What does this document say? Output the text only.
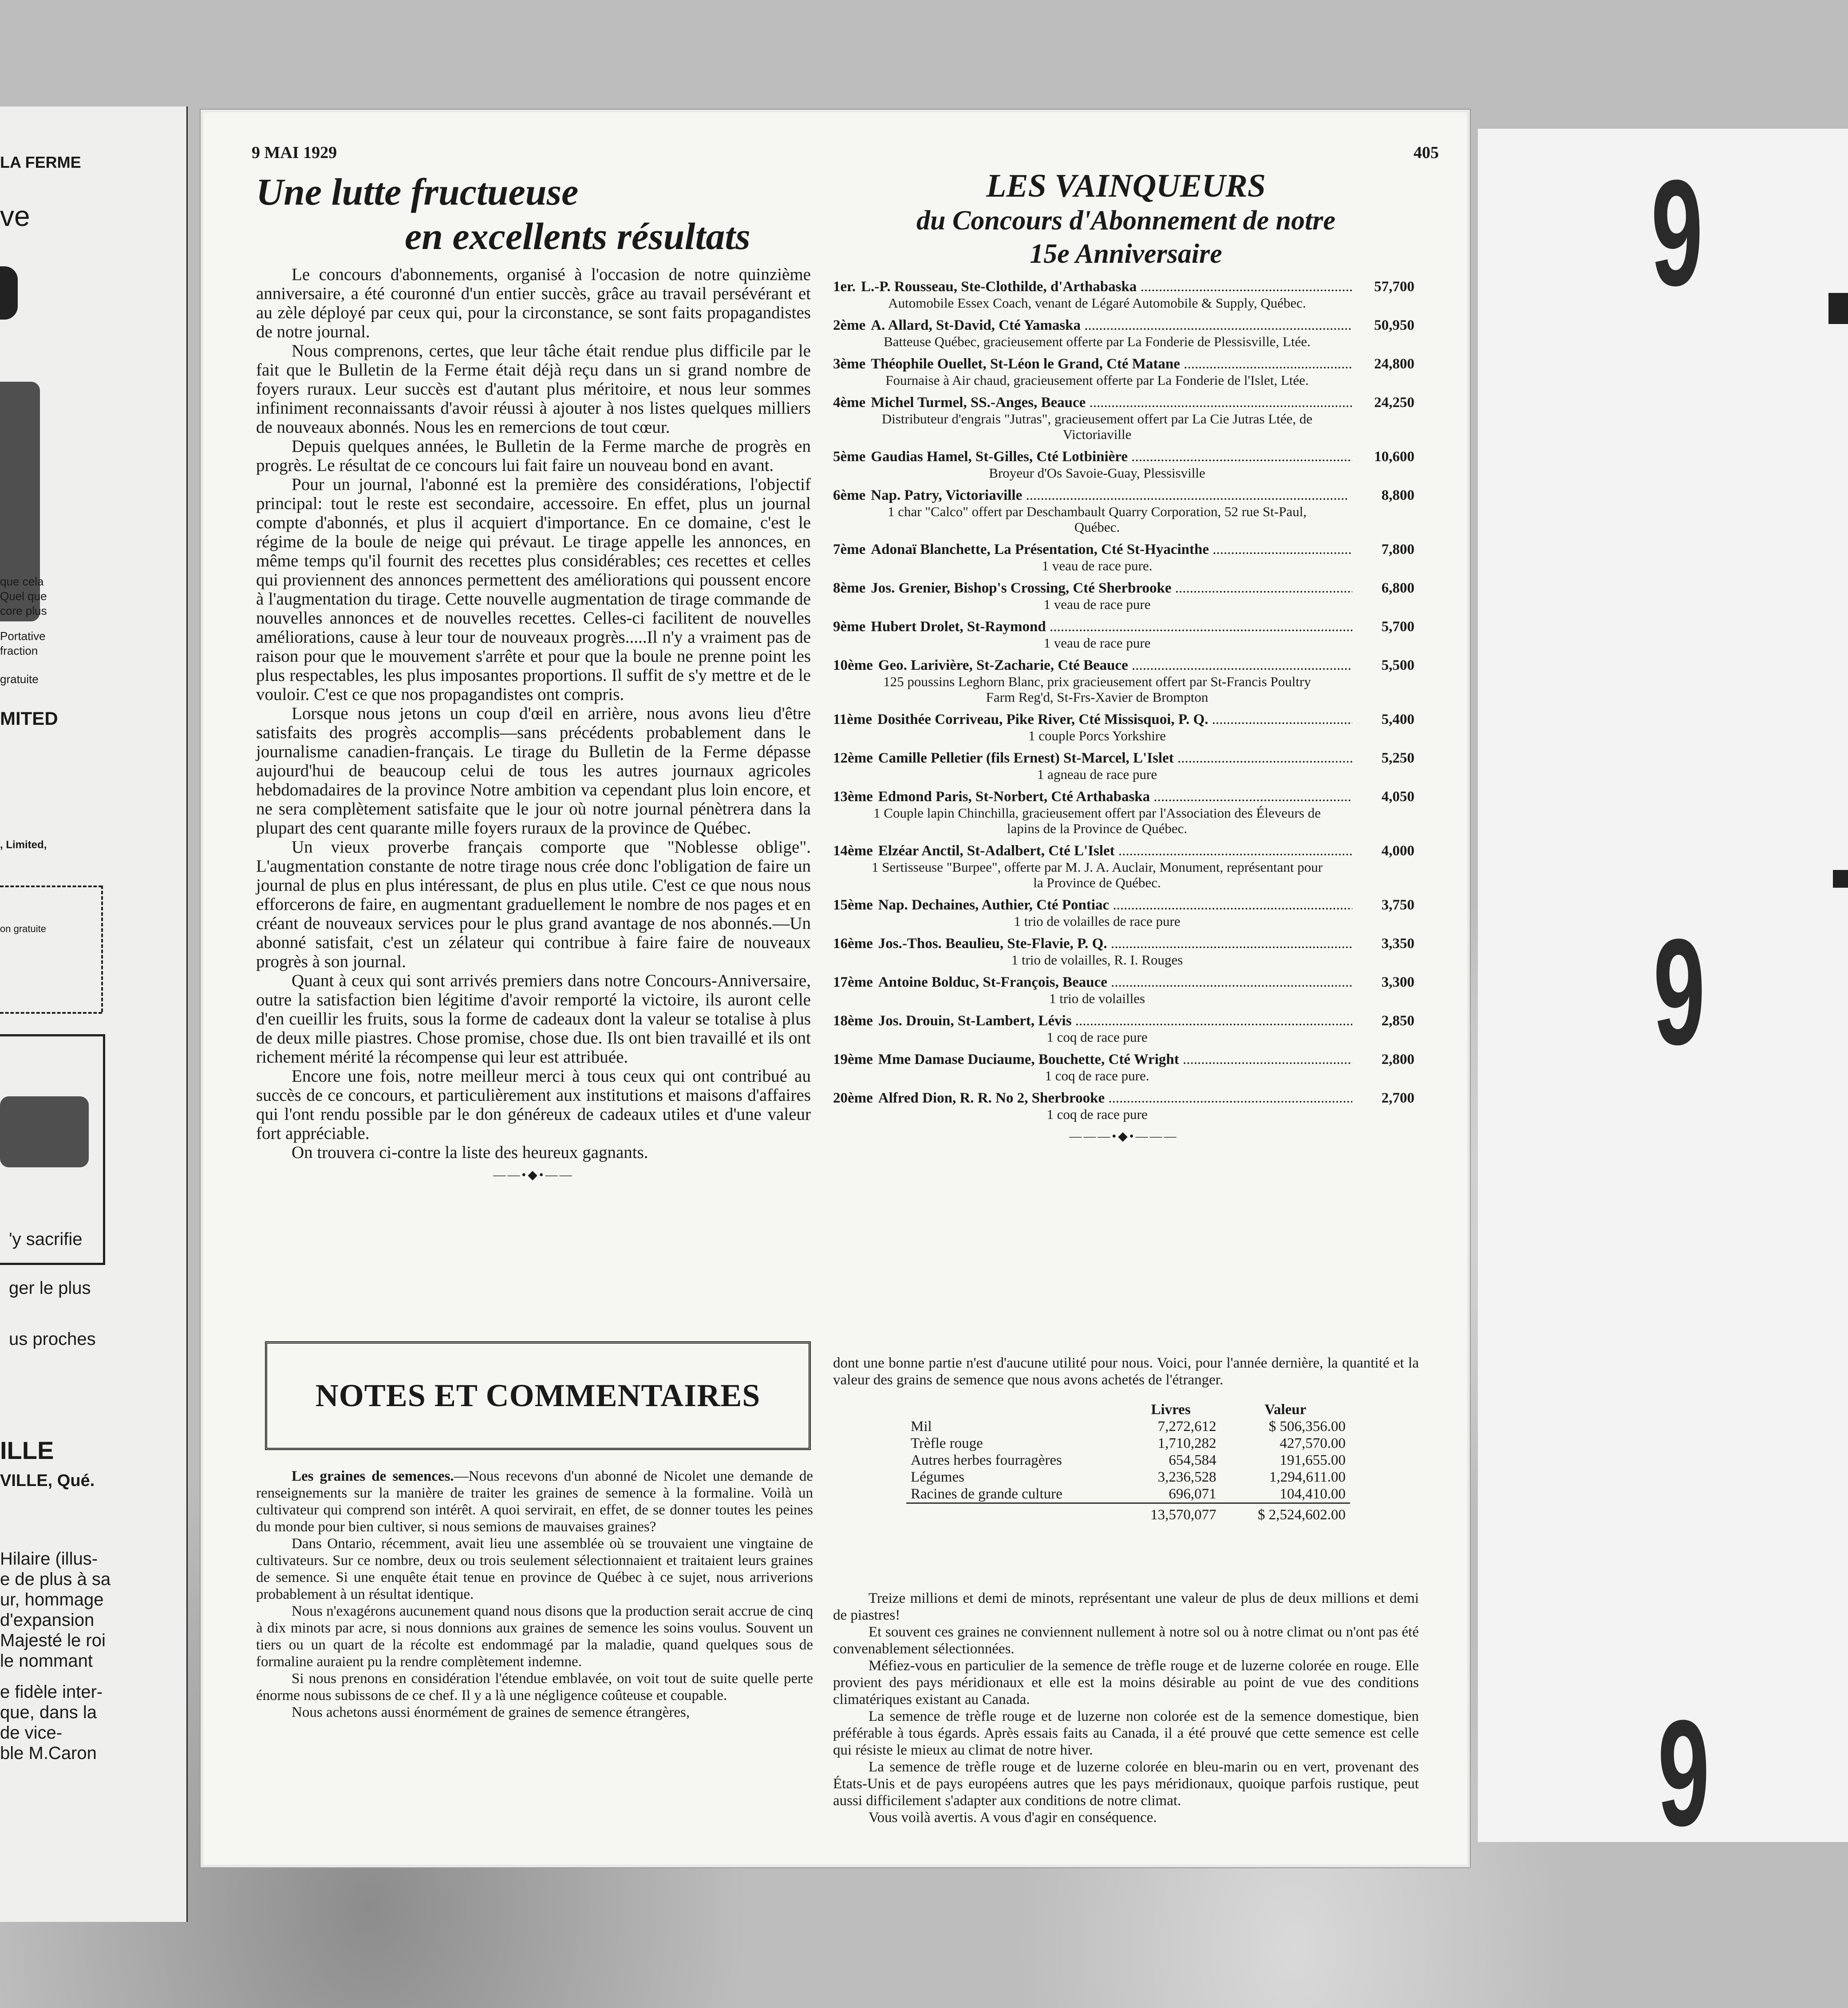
LA FERME
ve
que cela
Quel que
core plus
Portative
fraction
gratuite
MITED
, Limited,
on gratuite
'y sacrifie
ger le plus
us proches
ILLE
VILLE, Qué.
Hilaire (illus-
e de plus à sa
ur, hommage
d'expansion
Majesté le roi
le nommant
e fidèle inter-
que, dans la
de vice-
ble M.Caron
9 MAI 1929	405
Une lutte fructueuse
en excellents résultats

Le concours d'abonnements, organisé à l'occasion de notre quinzième anniversaire, a été couronné d'un entier succès, grâce au travail persévérant et au zèle déployé par ceux qui, pour la circonstance, se sont faits propagandistes de notre journal.

Nous comprenons, certes, que leur tâche était rendue plus difficile par le fait que le Bulletin de la Ferme était déjà reçu dans un si grand nombre de foyers ruraux. Leur succès est d'autant plus méritoire, et nous leur sommes infiniment reconnaissants d'avoir réussi à ajouter à nos listes quelques milliers de nouveaux abonnés. Nous les en remercions de tout cœur.

Depuis quelques années, le Bulletin de la Ferme marche de progrès en progrès. Le résultat de ce concours lui fait faire un nouveau bond en avant.

Pour un journal, l'abonné est la première des considérations, l'objectif principal: tout le reste est secondaire, accessoire. En effet, plus un journal compte d'abonnés, et plus il acquiert d'importance. En ce domaine, c'est le régime de la boule de neige qui prévaut. Le tirage appelle les annonces, en même temps qu'il fournit des recettes plus considérables; ces recettes et celles qui proviennent des annonces permettent des améliorations qui poussent encore à l'augmentation du tirage. Cette nouvelle augmentation de tirage commande de nouvelles annonces et de nouvelles recettes. Celles-ci facilitent de nouvelles améliorations, cause à leur tour de nouveaux progrès.....Il n'y a vraiment pas de raison pour que le mouvement s'arrête et pour que la boule ne prenne point les plus respectables, les plus imposantes proportions. Il suffit de s'y mettre et de le vouloir. C'est ce que nos propagandistes ont compris.

Lorsque nous jetons un coup d'œil en arrière, nous avons lieu d'être satisfaits des progrès accomplis—sans précédents probablement dans le journalisme canadien-français. Le tirage du Bulletin de la Ferme dépasse aujourd'hui de beaucoup celui de tous les autres journaux agricoles hebdomadaires de la province Notre ambition va cependant plus loin encore, et ne sera complètement satisfaite que le jour où notre journal pénètrera dans la plupart des cent quarante mille foyers ruraux de la province de Québec.

Un vieux proverbe français comporte que "Noblesse oblige". L'augmentation constante de notre tirage nous crée donc l'obligation de faire un journal de plus en plus intéressant, de plus en plus utile. C'est ce que nous nous efforcerons de faire, en augmentant graduellement le nombre de nos pages et en créant de nouveaux services pour le plus grand avantage de nos abonnés.—Un abonné satisfait, c'est un zélateur qui contribue à faire faire de nouveaux progrès à son journal.

Quant à ceux qui sont arrivés premiers dans notre Concours-Anniversaire, outre la satisfaction bien légitime d'avoir remporté la victoire, ils auront celle d'en cueillir les fruits, sous la forme de cadeaux dont la valeur se totalise à plus de deux mille piastres. Chose promise, chose due. Ils ont bien travaillé et ils ont richement mérité la récompense qui leur est attribuée.

Encore une fois, notre meilleur merci à tous ceux qui ont contribué au succès de ce concours, et particulièrement aux institutions et maisons d'affaires qui l'ont rendu possible par le don généreux de cadeaux utiles et d'une valeur fort appréciable.

On trouvera ci-contre la liste des heureux gagnants.

——•◆•——
NOTES ET COMMENTAIRES

Les graines de semences.—Nous recevons d'un abonné de Nicolet une demande de renseignements sur la manière de traiter les graines de semence à la formaline. Voilà un cultivateur qui comprend son intérêt. A quoi servirait, en effet, de se donner toutes les peines du monde pour bien cultiver, si nous semions de mauvaises graines?

Dans Ontario, récemment, avait lieu une assemblée où se trouvaient une vingtaine de cultivateurs. Sur ce nombre, deux ou trois seulement sélectionnaient et traitaient leurs graines de semence. Si une enquête était tenue en province de Québec à ce sujet, nous arriverions probablement à un résultat identique.

Nous n'exagérons aucunement quand nous disons que la production serait accrue de cinq à dix minots par acre, si nous donnions aux graines de semence les soins voulus. Souvent un tiers ou un quart de la récolte est endommagé par la maladie, quand quelques sous de formaline auraient pu la rendre complètement indemne.

Si nous prenons en considération l'étendue emblavée, on voit tout de suite quelle perte énorme nous subissons de ce chef. Il y a là une négligence coûteuse et coupable.

Nous achetons aussi énormément de graines de semence étrangères,

LES VAINQUEURS
du Concours d'Abonnement de notre
15e Anniversaire
1er. L.-P. Rousseau, Ste-Clothilde, d'Arthabaska .....	57,700
Automobile Essex Coach, venant de Légaré Automobile & Supply, Québec.
2ème A. Allard, St-David, Cté Yamaska .....	50,950
Batteuse Québec, gracieusement offerte par La Fonderie de Plessisville, Ltée.
3ème Théophile Ouellet, St-Léon le Grand, Cté Matane .....	24,800
Fournaise à Air chaud, gracieusement offerte par La Fonderie de l'Islet, Ltée.
4ème Michel Turmel, SS.-Anges, Beauce .....	24,250
Distributeur d'engrais "Jutras", gracieusement offert par La Cie Jutras Ltée, de Victoriaville
5ème Gaudias Hamel, St-Gilles, Cté Lotbinière .....	10,600
Broyeur d'Os Savoie-Guay, Plessisville
6ème Nap. Patry, Victoriaville .....	8,800
1 char "Calco" offert par Deschambault Quarry Corporation, 52 rue St-Paul, Québec.
7ème Adonaï Blanchette, La Présentation, Cté St-Hyacinthe .....	7,800
1 veau de race pure.
8ème Jos. Grenier, Bishop's Crossing, Cté Sherbrooke .....	6,800
1 veau de race pure
9ème Hubert Drolet, St-Raymond .....	5,700
1 veau de race pure
10ème Geo. Larivière, St-Zacharie, Cté Beauce .....	5,500
125 poussins Leghorn Blanc, prix gracieusement offert par St-Francis Poultry Farm Reg'd, St-Frs-Xavier de Brompton
11ème Dosithée Corriveau, Pike River, Cté Missisquoi, P. Q. .....	5,400
1 couple Porcs Yorkshire
12ème Camille Pelletier (fils Ernest) St-Marcel, L'Islet .....	5,250
1 agneau de race pure
13ème Edmond Paris, St-Norbert, Cté Arthabaska .....	4,050
1 Couple lapin Chinchilla, gracieusement offert par l'Association des Éleveurs de lapins de la Province de Québec.
14ème Elzéar Anctil, St-Adalbert, Cté L'Islet .....	4,000
1 Sertisseuse "Burpee", offerte par M. J. A. Auclair, Monument, représentant pour la Province de Québec.
15ème Nap. Dechaines, Authier, Cté Pontiac .....	3,750
1 trio de volailles de race pure
16ème Jos.-Thos. Beaulieu, Ste-Flavie, P. Q. .....	3,350
1 trio de volailles, R. I. Rouges
17ème Antoine Bolduc, St-François, Beauce .....	3,300
1 trio de volailles
18ème Jos. Drouin, St-Lambert, Lévis .....	2,850
1 coq de race pure
19ème Mme Damase Duciaume, Bouchette, Cté Wright .....	2,800
1 coq de race pure.
20ème Alfred Dion, R. R. No 2, Sherbrooke .....	2,700
1 coq de race pure
———•◆•———

dont une bonne partie n'est d'aucune utilité pour nous. Voici, pour l'année dernière, la quantité et la valeur des grains de semence que nous avons achetés de l'étranger.

	Livres	Valeur
Mil	7,272,612	$ 506,356.00
Trèfle rouge	1,710,282	427,570.00
Autres herbes fourragères	654,584	191,655.00
Légumes	3,236,528	1,294,611.00
Racines de grande culture	696,071	104,410.00
	13,570,077	$ 2,524,602.00

Treize millions et demi de minots, représentant une valeur de plus de deux millions et demi de piastres!

Et souvent ces graines ne conviennent nullement à notre sol ou à notre climat ou n'ont pas été convenablement sélectionnées.

Méfiez-vous en particulier de la semence de trèfle rouge et de luzerne colorée en rouge. Elle provient des pays méridionaux et elle est la moins désirable au point de vue des conditions climatériques existant au Canada.

La semence de trèfle rouge et de luzerne non colorée est de la semence domestique, bien préférable à tous égards. Après essais faits au Canada, il a été prouvé que cette semence est celle qui résiste le mieux au climat de notre hiver.

La semence de trèfle rouge et de luzerne colorée en bleu-marin ou en vert, provenant des États-Unis et de pays européens autres que les pays méridionaux, quoique parfois rustique, peut aussi difficilement s'adapter aux conditions de notre climat.

Vous voilà avertis. A vous d'agir en conséquence.

9
9
9
